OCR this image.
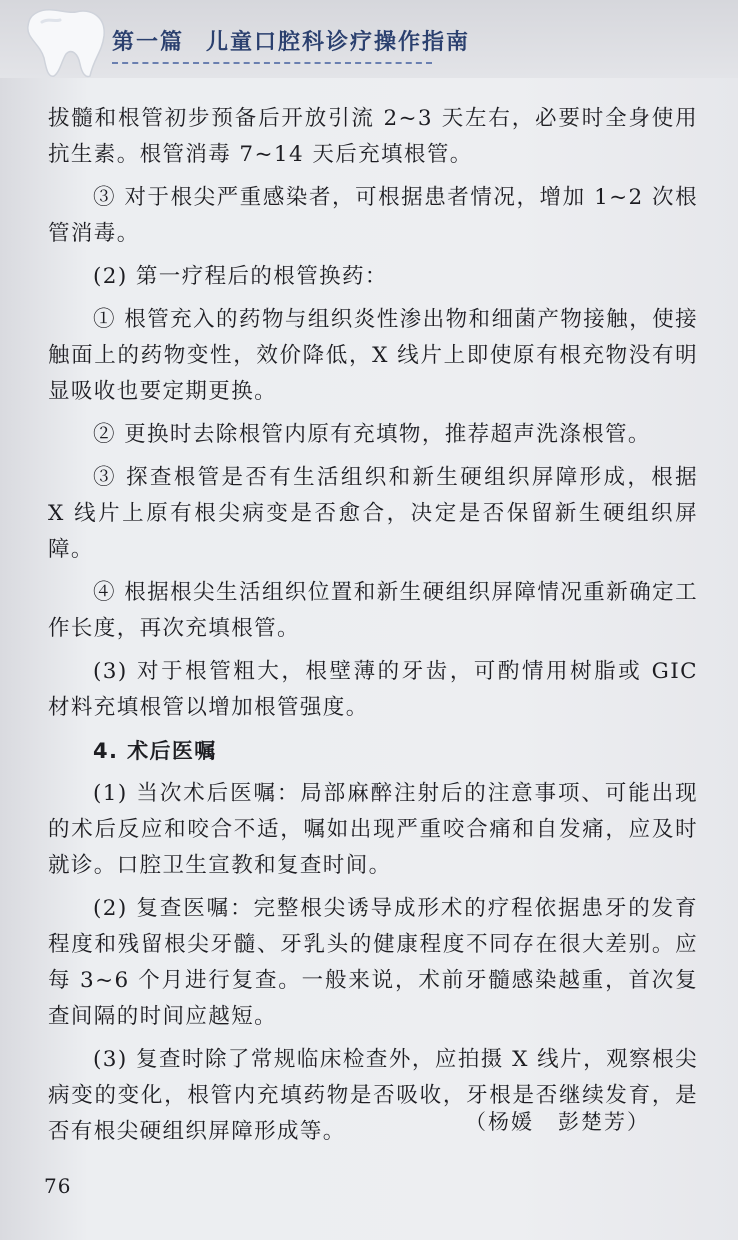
第一篇 儿童口腔科诊疗操作指南

拔髓和根管初步预备后开放引流 2~3 天左右，必要时全身使用抗生素。根管消毒 7~14 天后充填根管。

③ 对于根尖严重感染者，可根据患者情况，增加 1~2 次根管消毒。

(2) 第一疗程后的根管换药：

① 根管充入的药物与组织炎性渗出物和细菌产物接触，使接触面上的药物变性，效价降低，X 线片上即使原有根充物没有明显吸收也要定期更换。

② 更换时去除根管内原有充填物，推荐超声洗涤根管。

③ 探查根管是否有生活组织和新生硬组织屏障形成，根据 X 线片上原有根尖病变是否愈合，决定是否保留新生硬组织屏障。

④ 根据根尖生活组织位置和新生硬组织屏障情况重新确定工作长度，再次充填根管。

(3) 对于根管粗大，根壁薄的牙齿，可酌情用树脂或 GIC 材料充填根管以增加根管强度。

4. 术后医嘱

(1) 当次术后医嘱：局部麻醉注射后的注意事项、可能出现的术后反应和咬合不适，嘱如出现严重咬合痛和自发痛，应及时就诊。口腔卫生宣教和复查时间。

(2) 复查医嘱：完整根尖诱导成形术的疗程依据患牙的发育程度和残留根尖牙髓、牙乳头的健康程度不同存在很大差别。应每 3~6 个月进行复查。一般来说，术前牙髓感染越重，首次复查间隔的时间应越短。

(3) 复查时除了常规临床检查外，应拍摄 X 线片，观察根尖病变的变化，根管内充填药物是否吸收，牙根是否继续发育，是否有根尖硬组织屏障形成等。	（杨媛 彭楚芳）
76
